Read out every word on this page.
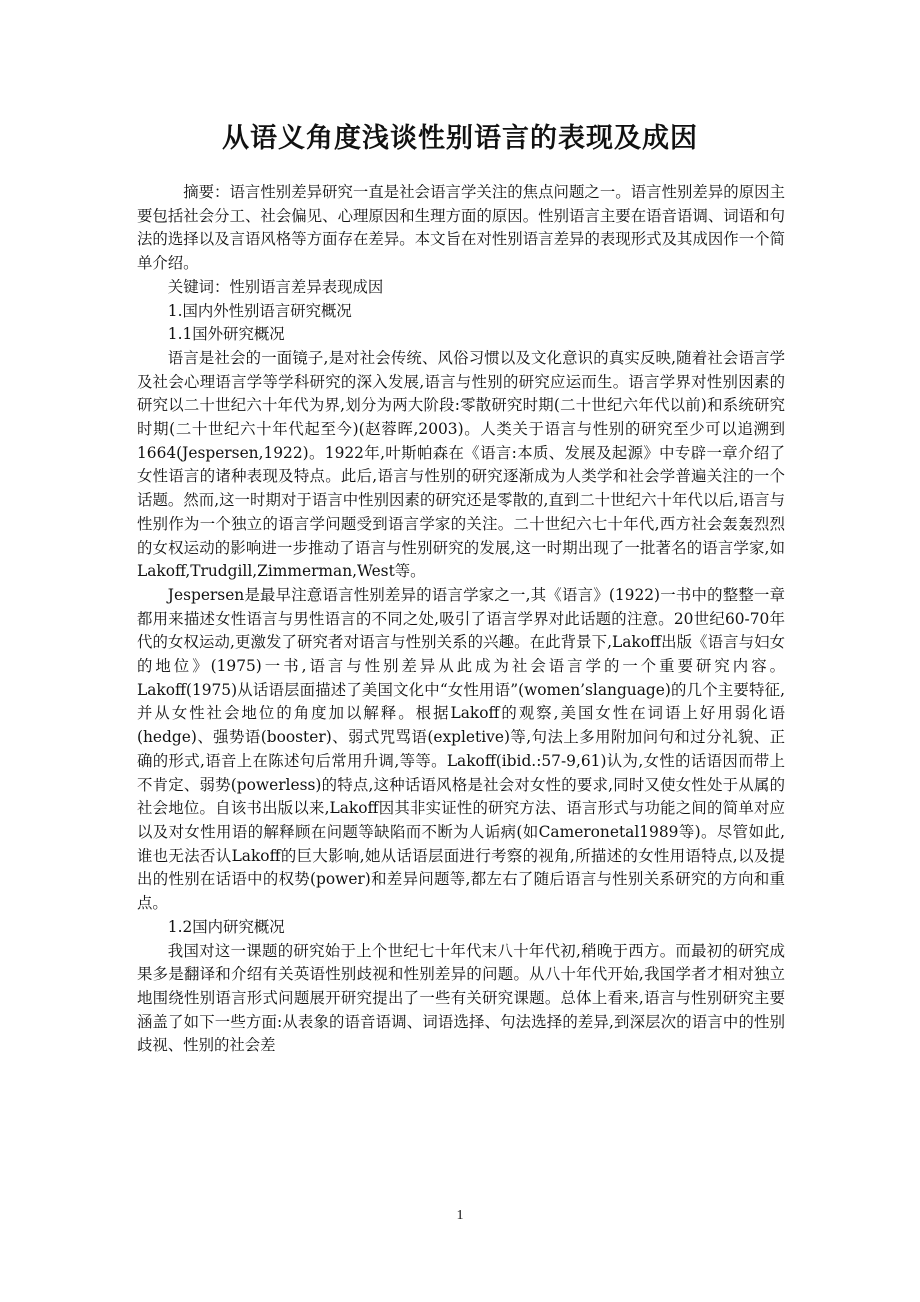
从语义角度浅谈性别语言的表现及成因

摘要：语言性别差异研究一直是社会语言学关注的焦点问题之一。语言性别差异的原因主要包括社会分工、社会偏见、心理原因和生理方面的原因。性别语言主要在语音语调、词语和句法的选择以及言语风格等方面存在差异。本文旨在对性别语言差异的表现形式及其成因作一个简单介绍。

关键词：性别语言差异表现成因
1.国内外性别语言研究概况
1.1国外研究概况

语言是社会的一面镜子,是对社会传统、风俗习惯以及文化意识的真实反映,随着社会语言学及社会心理语言学等学科研究的深入发展,语言与性别的研究应运而生。语言学界对性别因素的研究以二十世纪六十年代为界,划分为两大阶段:零散研究时期(二十世纪六年代以前)和系统研究时期(二十世纪六十年代起至今)(赵蓉晖,2003)。人类关于语言与性别的研究至少可以追溯到1664(Jespersen,1922)。1922年,叶斯帕森在《语言:本质、发展及起源》中专辟一章介绍了女性语言的诸种表现及特点。此后,语言与性别的研究逐渐成为人类学和社会学普遍关注的一个话题。然而,这一时期对于语言中性别因素的研究还是零散的,直到二十世纪六十年代以后,语言与性别作为一个独立的语言学问题受到语言学家的关注。二十世纪六七十年代,西方社会轰轰烈烈的女权运动的影响进一步推动了语言与性别研究的发展,这一时期出现了一批著名的语言学家,如Lakoff,Trudgill,Zimmerman,West等。

Jespersen是最早注意语言性别差异的语言学家之一,其《语言》(1922)一书中的整整一章都用来描述女性语言与男性语言的不同之处,吸引了语言学界对此话题的注意。20世纪60-70年代的女权运动,更激发了研究者对语言与性别关系的兴趣。在此背景下,Lakoff出版《语言与妇女的地位》(1975)一书,语言与性别差异从此成为社会语言学的一个重要研究内容。Lakoff(1975)从话语层面描述了美国文化中“女性用语”(women’slanguage)的几个主要特征,并从女性社会地位的角度加以解释。根据Lakoff的观察,美国女性在词语上好用弱化语(hedge)、强势语(booster)、弱式咒骂语(expletive)等,句法上多用附加问句和过分礼貌、正确的形式,语音上在陈述句后常用升调,等等。Lakoff(ibid.:57-9,61)认为,女性的话语因而带上不肯定、弱势(powerless)的特点,这种话语风格是社会对女性的要求,同时又使女性处于从属的社会地位。自该书出版以来,Lakoff因其非实证性的研究方法、语言形式与功能之间的简单对应以及对女性用语的解释顾在问题等缺陷而不断为人诟病(如Cameronetal1989等)。尽管如此,谁也无法否认Lakoff的巨大影响,她从话语层面进行考察的视角,所描述的女性用语特点,以及提出的性别在话语中的权势(power)和差异问题等,都左右了随后语言与性别关系研究的方向和重点。

1.2国内研究概况

我国对这一课题的研究始于上个世纪七十年代末八十年代初,稍晚于西方。而最初的研究成果多是翻译和介绍有关英语性别歧视和性别差异的问题。从八十年代开始,我国学者才相对独立地围绕性别语言形式问题展开研究提出了一些有关研究课题。总体上看来,语言与性别研究主要涵盖了如下一些方面:从表象的语音语调、词语选择、句法选择的差异,到深层次的语言中的性别歧视、性别的社会差

1
